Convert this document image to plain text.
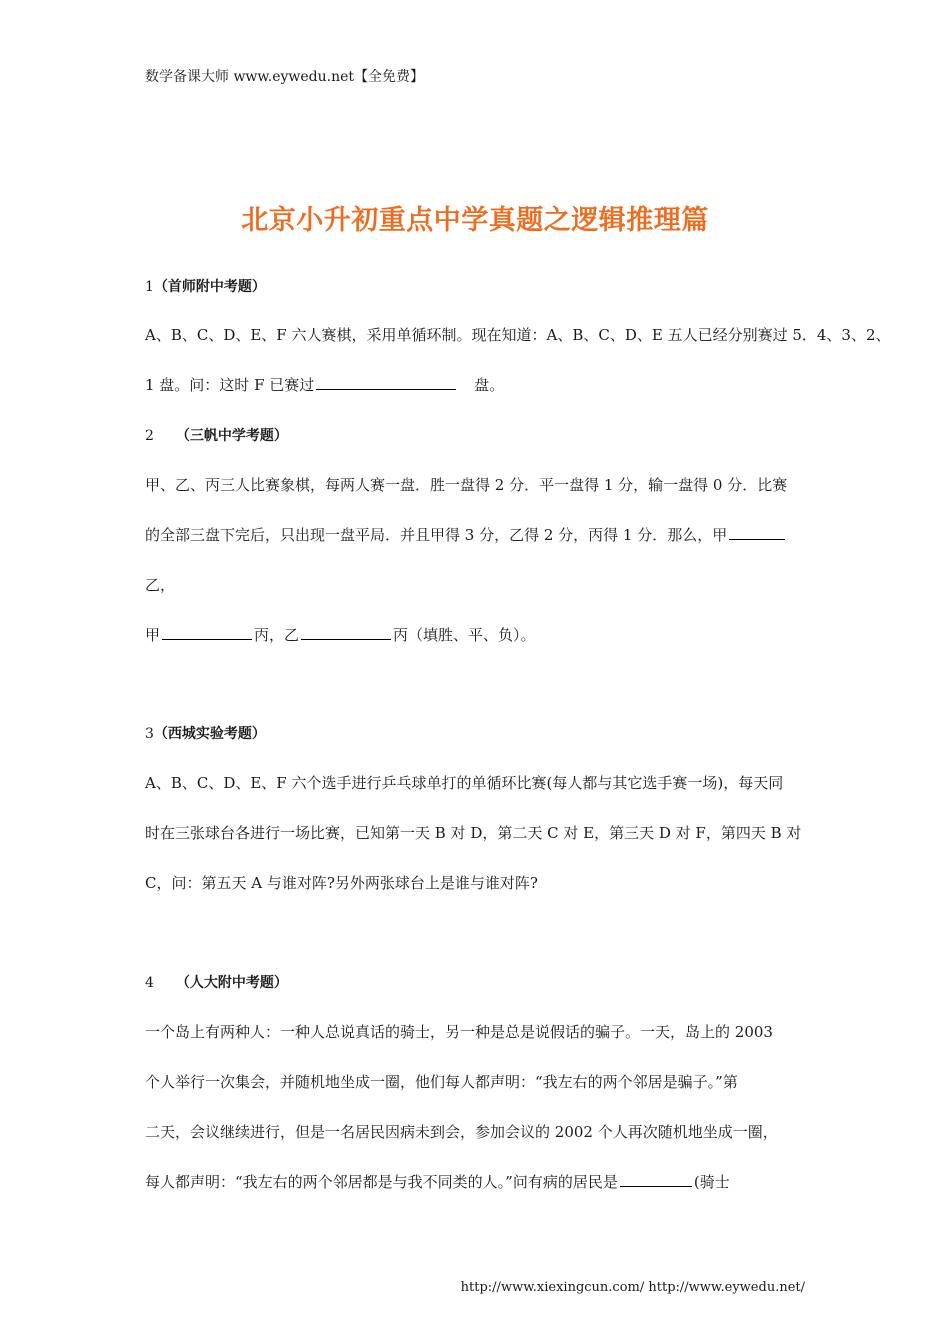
数学备课大师 www.eywedu.net【全免费】
北京小升初重点中学真题之逻辑推理篇
1（首师附中考题）
A、B、C、D、E、F 六人赛棋，采用单循环制。现在知道：A、B、C、D、E 五人已经分别赛过 5．4、3、2、
1 盘。问：这时 F 已赛过	盘。
2 （三帆中学考题）
甲、乙、丙三人比赛象棋，每两人赛一盘．胜一盘得 2 分．平一盘得 1 分，输一盘得 0 分．比赛
的全部三盘下完后，只出现一盘平局．并且甲得 3 分，乙得 2 分，丙得 1 分．那么，甲
乙，
甲	丙，乙	丙（填胜、平、负）。
3（西城实验考题）
A、B、C、D、E、F 六个选手进行乒乓球单打的单循环比赛(每人都与其它选手赛一场)，每天同
时在三张球台各进行一场比赛，已知第一天 B 对 D，第二天 C 对 E，第三天 D 对 F，第四天 B 对
C，问：第五天 A 与谁对阵?另外两张球台上是谁与谁对阵?
4 （人大附中考题）
一个岛上有两种人：一种人总说真话的骑士，另一种是总是说假话的骗子。一天，岛上的 2003
个人举行一次集会，并随机地坐成一圈，他们每人都声明：“我左右的两个邻居是骗子。”第
二天，会议继续进行，但是一名居民因病未到会，参加会议的 2002 个人再次随机地坐成一圈，
每人都声明：“我左右的两个邻居都是与我不同类的人。”问有病的居民是	(骑士
http://www.xiexingcun.com/ http://www.eywedu.net/
